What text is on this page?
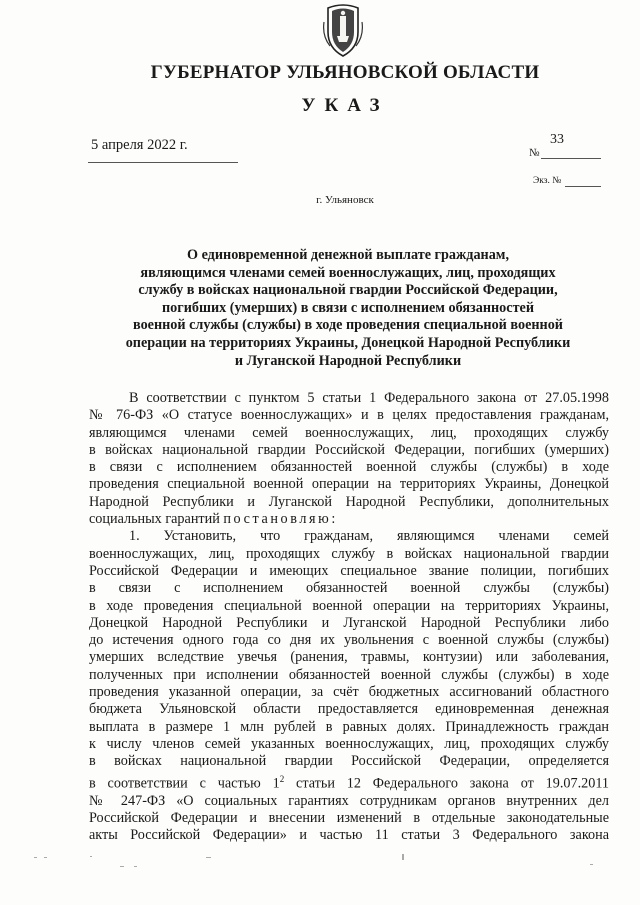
ГУБЕРНАТОР УЛЬЯНОВСКОЙ ОБЛАСТИ
УКАЗ
5 апреля 2022 г.	№
33
Экз. №
г. Ульяновск
О единовременной денежной выплате гражданам,
являющимся членами семей военнослужащих, лиц, проходящих
службу в войсках национальной гвардии Российской Федерации,
погибших (умерших) в связи с исполнением обязанностей
военной службы (службы) в ходе проведения специальной военной
операции на территориях Украины, Донецкой Народной Республики
и Луганской Народной Республики
В соответствии с пунктом 5 статьи 1 Федерального закона от 27.05.1998
№ 76-ФЗ «О статусе военнослужащих» и в целях предоставления гражданам,
являющимся членами семей военнослужащих, лиц, проходящих службу
в войсках национальной гвардии Российской Федерации, погибших (умерших)
в связи с исполнением обязанностей военной службы (службы) в ходе
проведения специальной военной операции на территориях Украины, Донецкой
Народной Республики и Луганской Народной Республики, дополнительных
социальных гарантий постановляю:
1. Установить, что гражданам, являющимся членами семей
военнослужащих, лиц, проходящих службу в войсках национальной гвардии
Российской Федерации и имеющих специальное звание полиции, погибших
в связи с исполнением обязанностей военной службы (службы)
в ходе проведения специальной военной операции на территориях Украины,
Донецкой Народной Республики и Луганской Народной Республики либо
до истечения одного года со дня их увольнения с военной службы (службы)
умерших вследствие увечья (ранения, травмы, контузии) или заболевания,
полученных при исполнении обязанностей военной службы (службы) в ходе
проведения указанной операции, за счёт бюджетных ассигнований областного
бюджета Ульяновской области предоставляется единовременная денежная
выплата в размере 1 млн рублей в равных долях. Принадлежность граждан
к числу членов семей указанных военнослужащих, лиц, проходящих службу
в войсках национальной гвардии Российской Федерации, определяется
в соответствии с частью $1^2$ статьи 12 Федерального закона от 19.07.2011
№ 247-ФЗ «О социальных гарантиях сотрудникам органов внутренних дел
Российской Федерации и внесении изменений в отдельные законодательные
акты Российской Федерации» и частью 11 статьи 3 Федерального закона
